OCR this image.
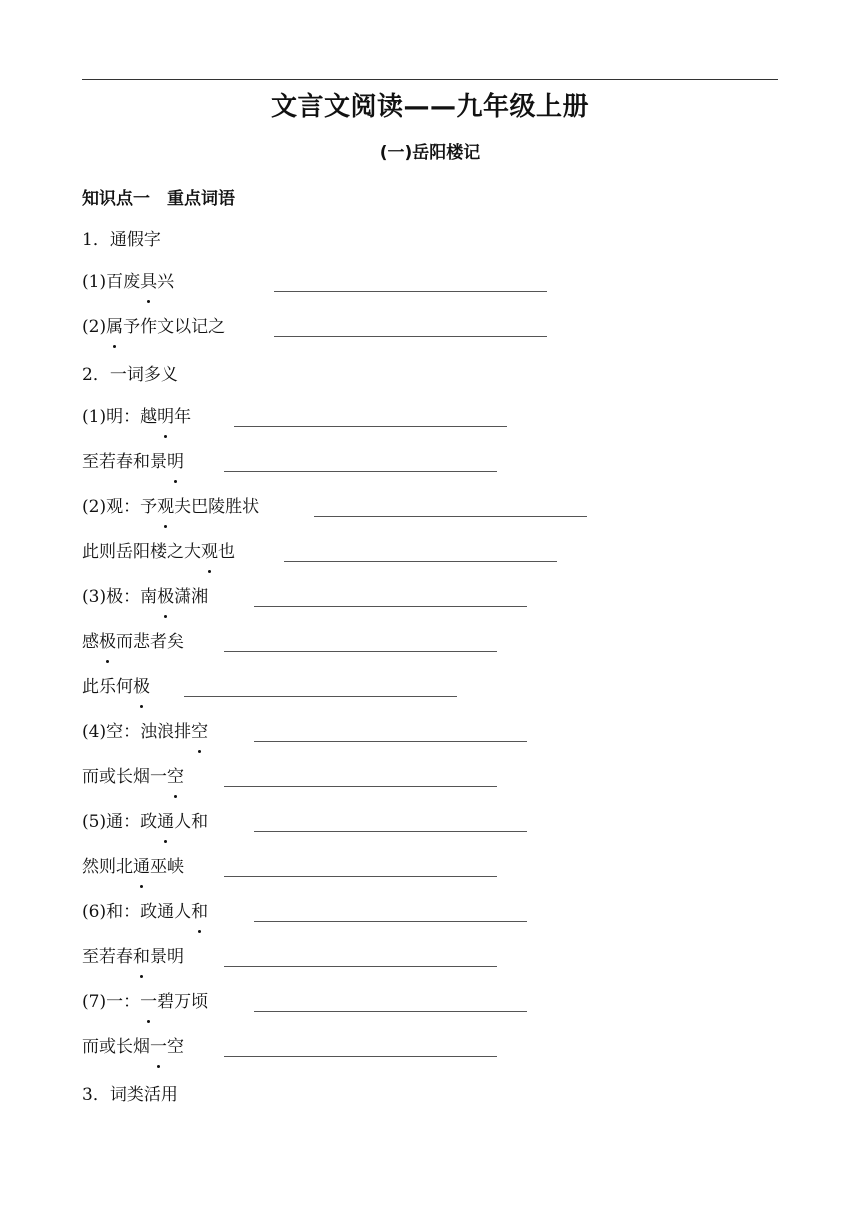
文言文阅读——九年级上册
(一)岳阳楼记
知识点一　重点词语
1．通假字
(1)百废具兴
(2)属予作文以记之
2．一词多义
(1)明：越明年
至若春和景明
(2)观：予观夫巴陵胜状
此则岳阳楼之大观也
(3)极：南极潇湘
感极而悲者矣
此乐何极
(4)空：浊浪排空
而或长烟一空
(5)通：政通人和
然则北通巫峡
(6)和：政通人和
至若春和景明
(7)一：一碧万顷
而或长烟一空
3．词类活用
